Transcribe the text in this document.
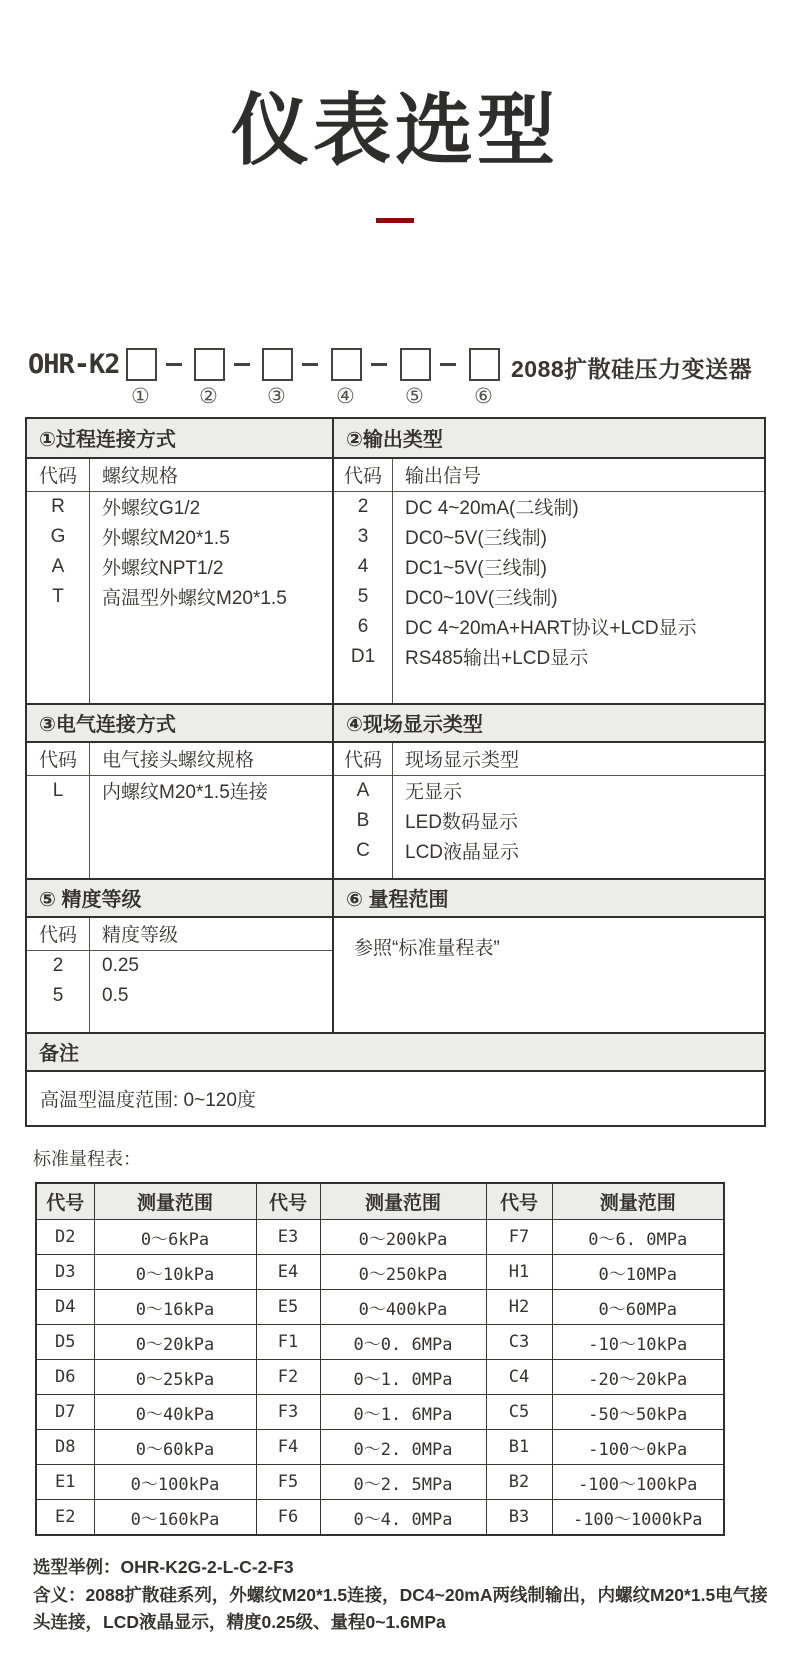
仪表选型
OHR-K2	2088扩散硅压力变送器
① ② ③ ④ ⑤ ⑥
①过程连接方式	②输出类型
代码	螺纹规格
R	外螺纹G1/2
G	外螺纹M20*1.5
A	外螺纹NPT1/2
T	高温型外螺纹M20*1.5
代码	输出信号
2	DC 4~20mA(二线制)
3	DC0~5V(三线制)
4	DC1~5V(三线制)
5	DC0~10V(三线制)
6	DC 4~20mA+HART协议+LCD显示
D1	RS485输出+LCD显示
③电气连接方式	④现场显示类型
代码	电气接头螺纹规格
L	内螺纹M20*1.5连接
代码	现场显示类型
A	无显示
B	LED数码显示
C	LCD液晶显示
⑤ 精度等级	⑥ 量程范围
代码	精度等级
2	0.25
5	0.5
参照“标准量程表”
备注
高温型温度范围: 0~120度
标准量程表：
代号	测量范围	代号	测量范围	代号	测量范围
D2	0～6kPa	E3	0～200kPa	F7	0～6. 0MPa
D3	0～10kPa	E4	0～250kPa	H1	0～10MPa
D4	0～16kPa	E5	0～400kPa	H2	0～60MPa
D5	0～20kPa	F1	0～0. 6MPa	C3	-10～10kPa
D6	0～25kPa	F2	0～1. 0MPa	C4	-20～20kPa
D7	0～40kPa	F3	0～1. 6MPa	C5	-50～50kPa
D8	0～60kPa	F4	0～2. 0MPa	B1	-100～0kPa
E1	0～100kPa	F5	0～2. 5MPa	B2	-100～100kPa
E2	0～160kPa	F6	0～4. 0MPa	B3	-100～1000kPa
选型举例：OHR-K2G-2-L-C-2-F3
含义：2088扩散硅系列，外螺纹M20*1.5连接，DC4~20mA两线制输出，内螺纹M20*1.5电气接头连接，LCD液晶显示，精度0.25级、量程0~1.6MPa
